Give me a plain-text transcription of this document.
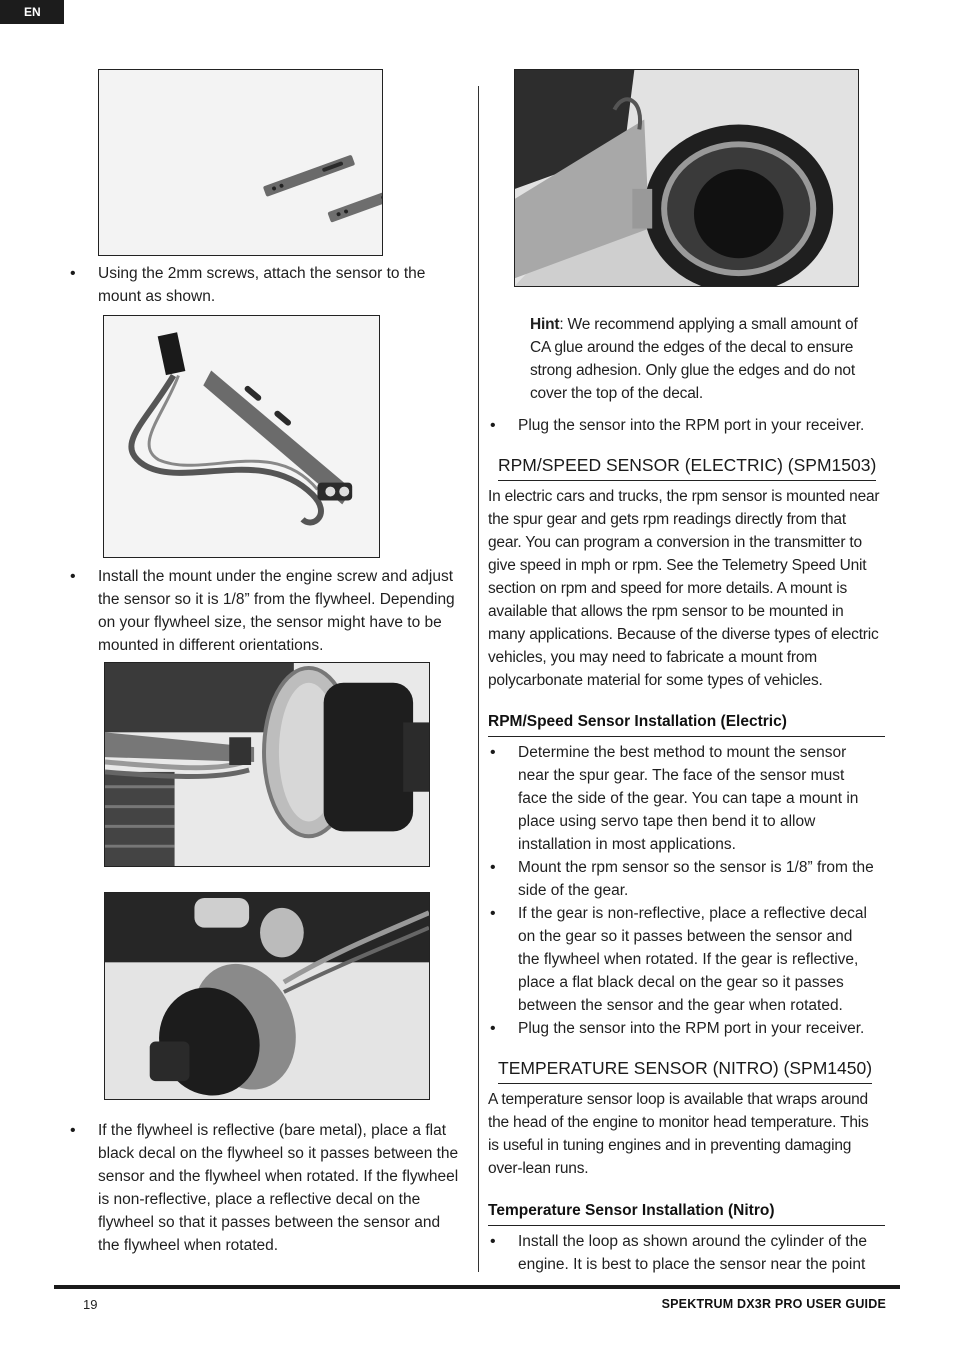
EN
• Using the 2mm screws, attach the sensor to the mount as shown.
• Install the mount under the engine screw and adjust the sensor so it is 1/8” from the flywheel. Depending on your flywheel size, the sensor might have to be mounted in different orientations.
• If the flywheel is reflective (bare metal), place a flat black decal on the flywheel so it passes between the sensor and the flywheel when rotated. If the flywheel is non-reflective, place a reflective decal on the flywheel so that it passes between the sensor and the flywheel when rotated.
Hint: We recommend applying a small amount of CA glue around the edges of the decal to ensure strong adhesion. Only glue the edges and do not cover the top of the decal.
• Plug the sensor into the RPM port in your receiver.
RPM/SPEED SENSOR (ELECTRIC) (SPM1503)
In electric cars and trucks, the rpm sensor is mounted near the spur gear and gets rpm readings directly from that gear. You can program a conversion in the transmitter to give speed in mph or rpm. See the Telemetry Speed Unit section on rpm and speed for more details. A mount is available that allows the rpm sensor to be mounted in many applications. Because of the diverse types of electric vehicles, you may need to fabricate a mount from polycarbonate material for some types of vehicles.
RPM/Speed Sensor Installation (Electric)
• Determine the best method to mount the sensor near the spur gear. The face of the sensor must face the side of the gear. You can tape a mount in place using servo tape then bend it to allow installation in most applications.
• Mount the rpm sensor so the sensor is 1/8” from the side of the gear.
• If the gear is non-reflective, place a reflective decal on the gear so it passes between the sensor and the flywheel when rotated. If the gear is reflective, place a flat black decal on the gear so it passes between the sensor and the gear when rotated.
• Plug the sensor into the RPM port in your receiver.
TEMPERATURE SENSOR (NITRO) (SPM1450)
A temperature sensor loop is available that wraps around the head of the engine to monitor head temperature. This is useful in tuning engines and in preventing damaging over-lean runs.
Temperature Sensor Installation (Nitro)
• Install the loop as shown around the cylinder of the engine. It is best to place the sensor near the point
19	SPEKTRUM DX3R PRO USER GUIDE
